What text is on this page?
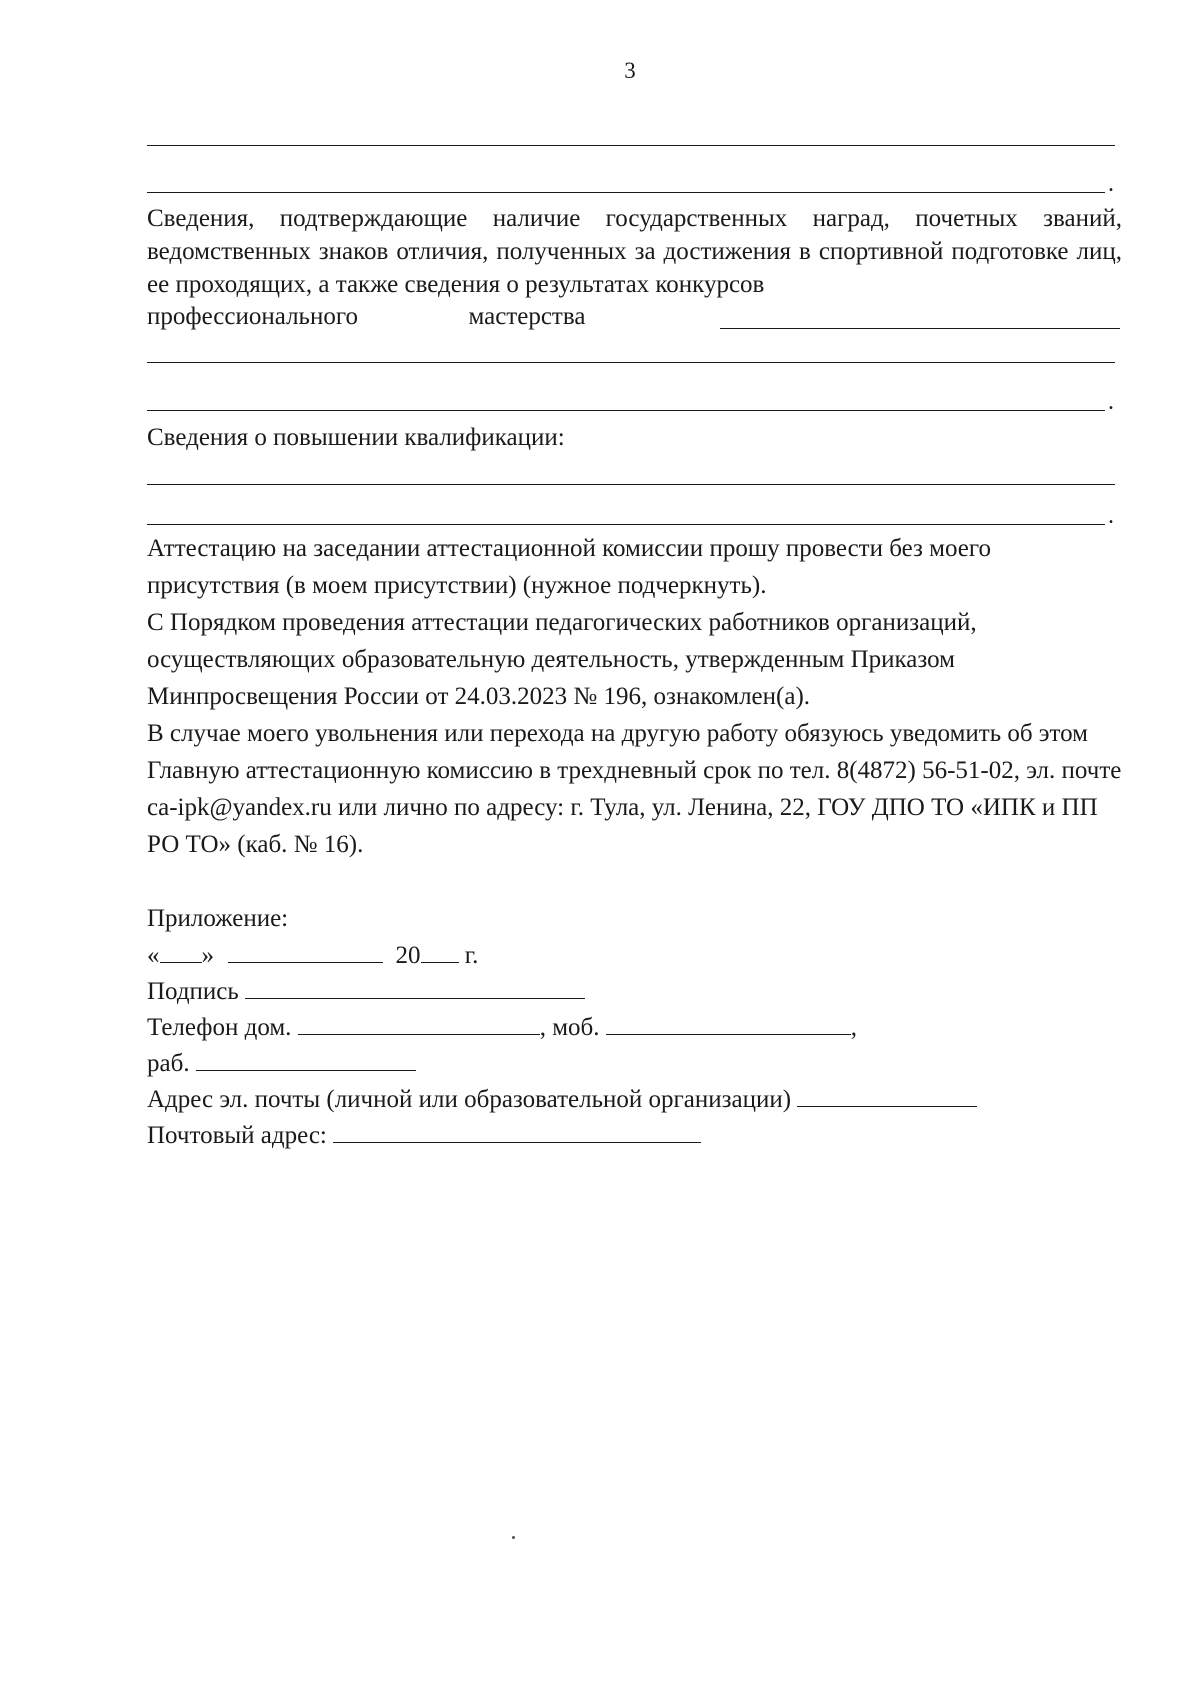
3
.
Сведения, подтверждающие наличие государственных наград, почетных званий, ведомственных знаков отличия, полученных за достижения в спортивной подготовке лиц, ее проходящих, а также сведения о результатах конкурсов
профессионального	мастерства
.
Сведения о повышении квалификации:
.
Аттестацию на заседании аттестационной комиссии прошу провести без моего присутствия (в моем присутствии) (нужное подчеркнуть).
С Порядком проведения аттестации педагогических работников организаций, осуществляющих образовательную деятельность, утвержденным Приказом Минпросвещения России от 24.03.2023 № 196, ознакомлен(а).
В случае моего увольнения или перехода на другую работу обязуюсь уведомить об этом Главную аттестационную комиссию в трехдневный срок по тел. 8(4872) 56-51-02, эл. почте ca-ipk@yandex.ru или лично по адресу: г. Тула, ул. Ленина, 22, ГОУ ДПО ТО «ИПК и ПП РО ТО» (каб. № 16).
Приложение:
« »	20 г.
Подпись
Телефон дом.	, моб.	,
раб.
Адрес эл. почты (личной или образовательной организации)
Почтовый адрес:
